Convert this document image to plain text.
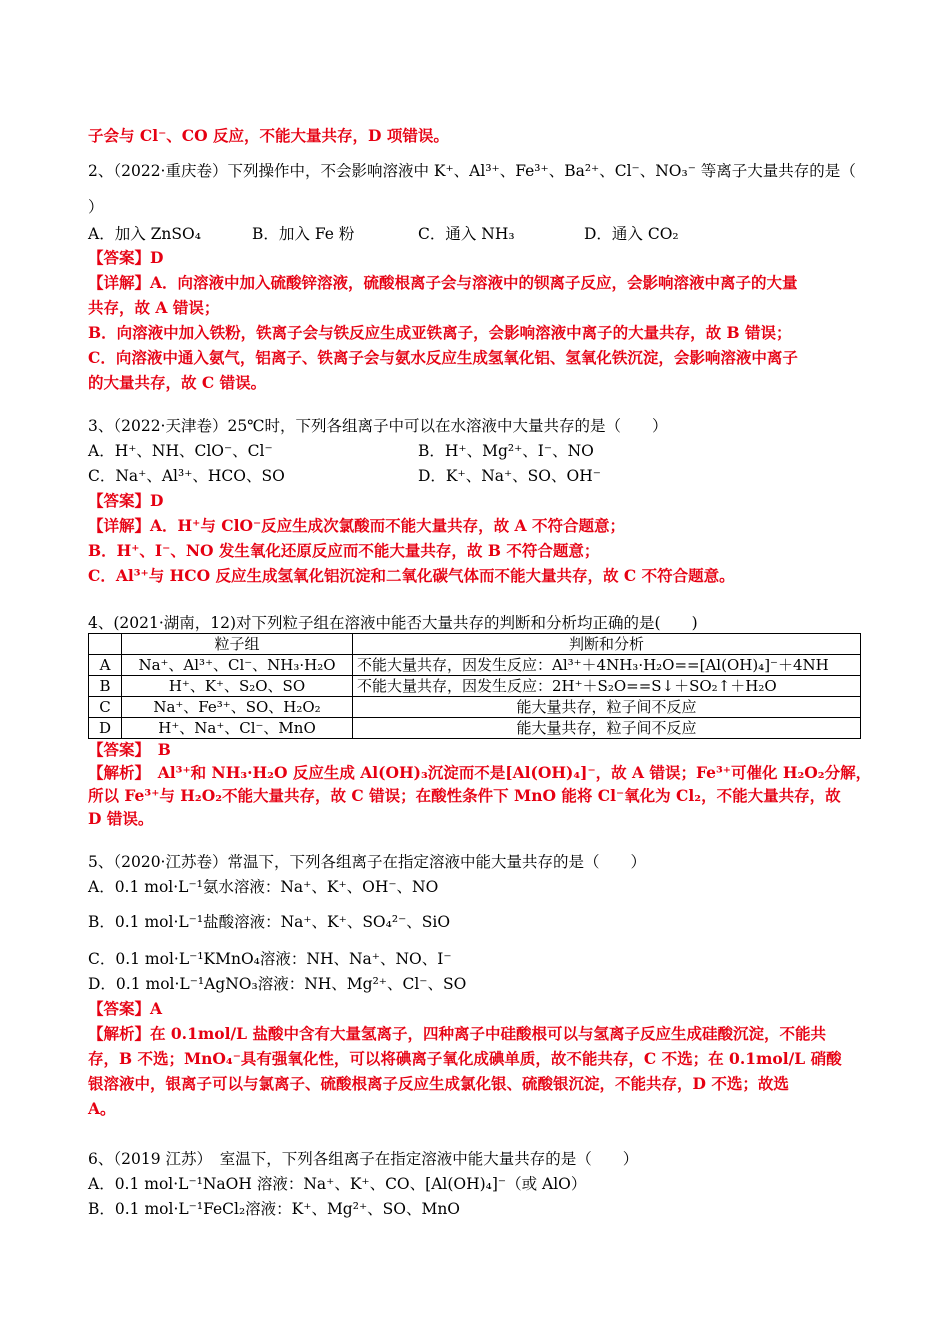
子会与 Cl⁻、CO 反应，不能大量共存，D 项错误。
2、（2022·重庆卷）下列操作中，不会影响溶液中 K⁺、Al³⁺、Fe³⁺、Ba²⁺、Cl⁻、NO₃⁻ 等离子大量共存的是（
）
A．加入 ZnSO₄	B．加入 Fe 粉	C．通入 NH₃	D．通入 CO₂
【答案】D
【详解】A．向溶液中加入硫酸锌溶液，硫酸根离子会与溶液中的钡离子反应，会影响溶液中离子的大量
共存，故 A 错误；
B．向溶液中加入铁粉，铁离子会与铁反应生成亚铁离子，会影响溶液中离子的大量共存，故 B 错误；
C．向溶液中通入氨气，铝离子、铁离子会与氨水反应生成氢氧化铝、氢氧化铁沉淀，会影响溶液中离子
的大量共存，故 C 错误。
3、（2022·天津卷）25℃时，下列各组离子中可以在水溶液中大量共存的是（　　）
A．H⁺、NH、ClO⁻、Cl⁻	B．H⁺、Mg²⁺、I⁻、NO
C．Na⁺、Al³⁺、HCO、SO	D．K⁺、Na⁺、SO、OH⁻
【答案】D
【详解】A．H⁺与 ClO⁻反应生成次氯酸而不能大量共存，故 A 不符合题意；
B．H⁺、I⁻、NO 发生氧化还原反应而不能大量共存，故 B 不符合题意；
C．Al³⁺与 HCO 反应生成氢氧化铝沉淀和二氧化碳气体而不能大量共存，故 C 不符合题意。
4、(2021·湖南，12)对下列粒子组在溶液中能否大量共存的判断和分析均正确的是(　　)
	粒子组	判断和分析
A	Na⁺、Al³⁺、Cl⁻、NH₃·H₂O	不能大量共存，因发生反应：Al³⁺＋4NH₃·H₂O==[Al(OH)₄]⁻＋4NH
B	H⁺、K⁺、S₂O、SO	不能大量共存，因发生反应：2H⁺＋S₂O==S↓＋SO₂↑＋H₂O
C	Na⁺、Fe³⁺、SO、H₂O₂	能大量共存，粒子间不反应
D	H⁺、Na⁺、Cl⁻、MnO	能大量共存，粒子间不反应
【答案】　B
【解析】　Al³⁺和 NH₃·H₂O 反应生成 Al(OH)₃沉淀而不是[Al(OH)₄]⁻，故 A 错误；Fe³⁺可催化 H₂O₂分解，
所以 Fe³⁺与 H₂O₂不能大量共存，故 C 错误；在酸性条件下 MnO 能将 Cl⁻氧化为 Cl₂，不能大量共存，故
D 错误。
5、（2020·江苏卷）常温下，下列各组离子在指定溶液中能大量共存的是（　　）
A．0.1 mol·L⁻¹氨水溶液：Na⁺、K⁺、OH⁻、NO
B．0.1 mol·L⁻¹盐酸溶液：Na⁺、K⁺、SO₄²⁻、SiO
C．0.1 mol·L⁻¹KMnO₄溶液：NH、Na⁺、NO、I⁻
D．0.1 mol·L⁻¹AgNO₃溶液：NH、Mg²⁺、Cl⁻、SO
【答案】A
【解析】在 0.1mol/L 盐酸中含有大量氢离子，四种离子中硅酸根可以与氢离子反应生成硅酸沉淀，不能共
存，B 不选；MnO₄⁻具有强氧化性，可以将碘离子氧化成碘单质，故不能共存，C 不选；在 0.1mol/L 硝酸
银溶液中，银离子可以与氯离子、硫酸根离子反应生成氯化银、硫酸银沉淀，不能共存，D 不选；故选
A。
6、（2019 江苏）　室温下，下列各组离子在指定溶液中能大量共存的是（　　）
A．0.1 mol·L⁻¹NaOH 溶液：Na⁺、K⁺、CO、[Al(OH)₄]⁻（或 AlO）
B．0.1 mol·L⁻¹FeCl₂溶液：K⁺、Mg²⁺、SO、MnO
